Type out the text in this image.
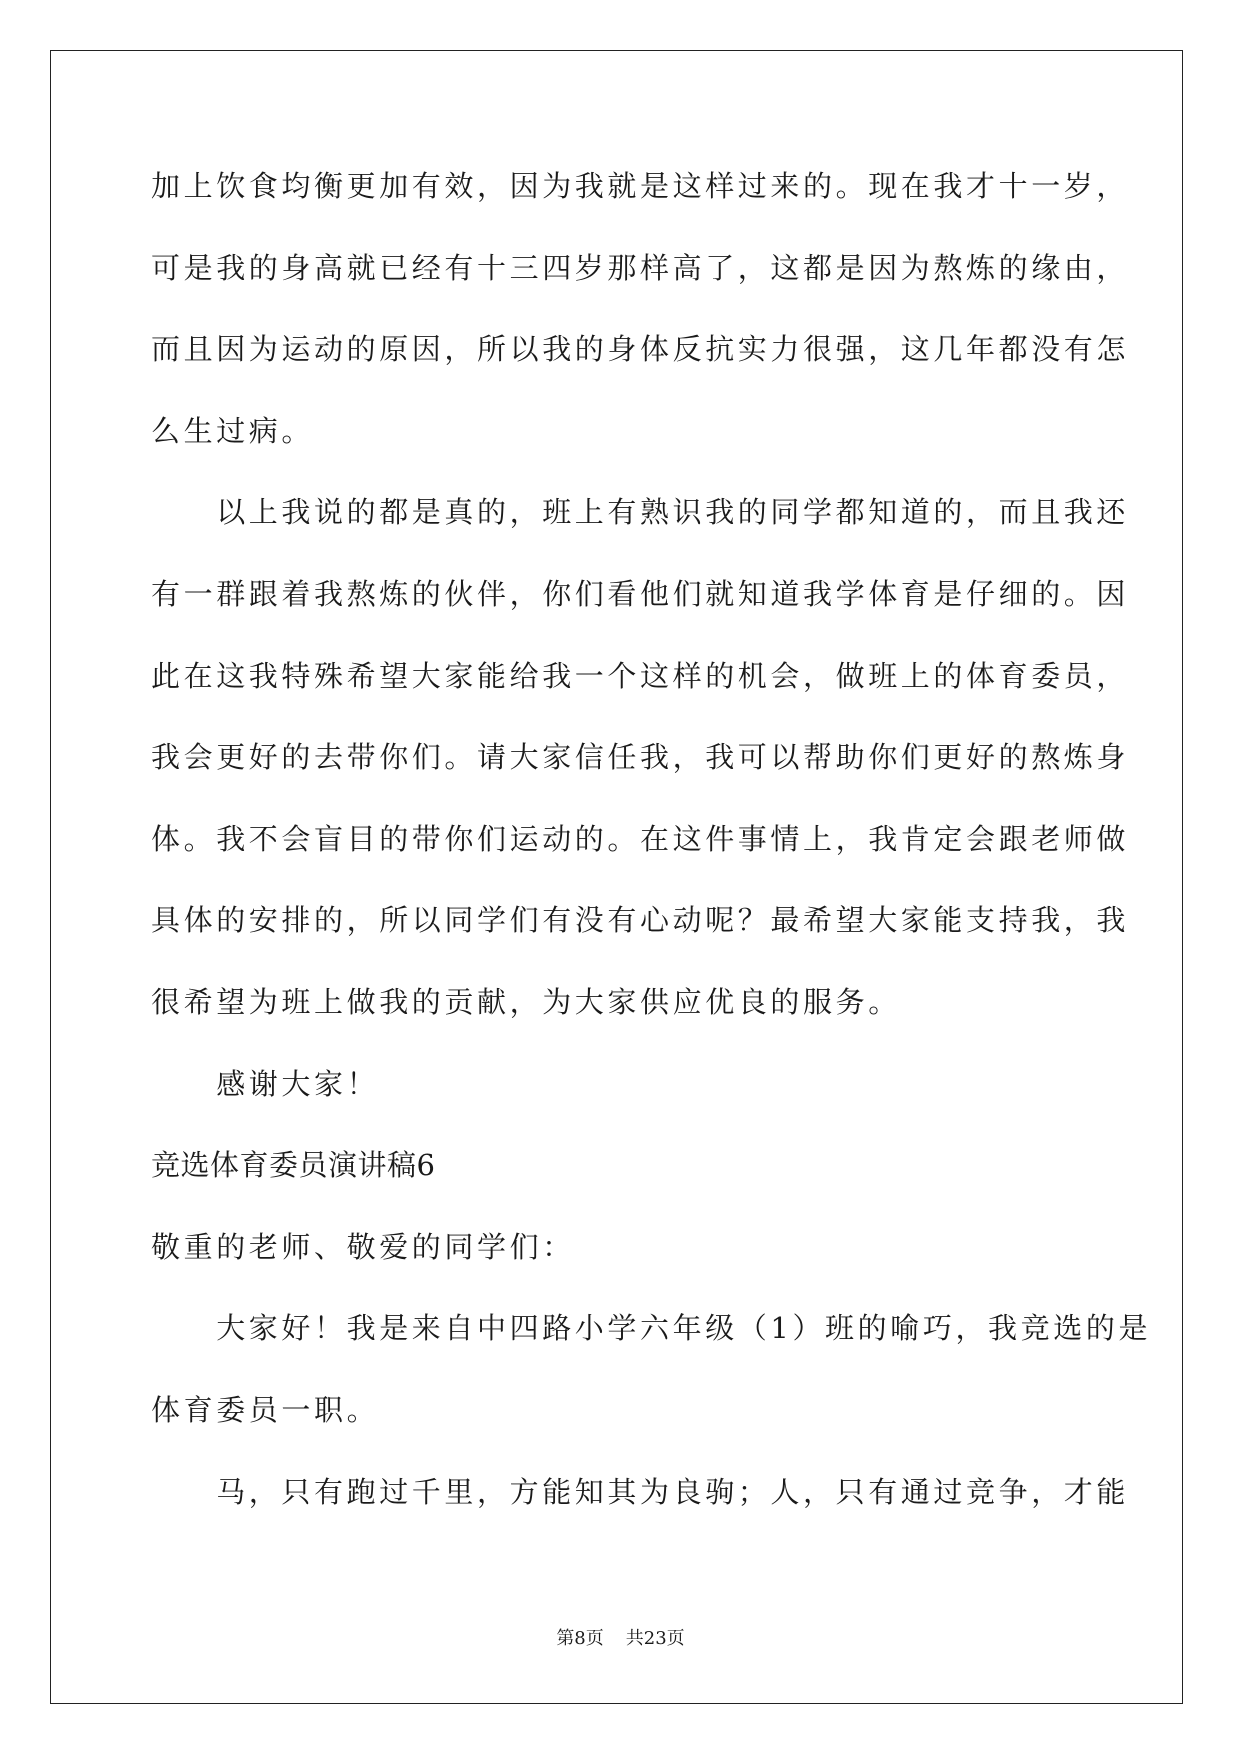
加上饮食均衡更加有效，因为我就是这样过来的。现在我才十一岁，
可是我的身高就已经有十三四岁那样高了，这都是因为熬炼的缘由，
而且因为运动的原因，所以我的身体反抗实力很强，这几年都没有怎
么生过病。
　　以上我说的都是真的，班上有熟识我的同学都知道的，而且我还
有一群跟着我熬炼的伙伴，你们看他们就知道我学体育是仔细的。因
此在这我特殊希望大家能给我一个这样的机会，做班上的体育委员，
我会更好的去带你们。请大家信任我，我可以帮助你们更好的熬炼身
体。我不会盲目的带你们运动的。在这件事情上，我肯定会跟老师做
具体的安排的，所以同学们有没有心动呢？最希望大家能支持我，我
很希望为班上做我的贡献，为大家供应优良的服务。
　　感谢大家！
竞选体育委员演讲稿6
敬重的老师、敬爱的同学们：
　　大家好！我是来自中四路小学六年级（1）班的喻巧，我竞选的是
体育委员一职。
　　马，只有跑过千里，方能知其为良驹；人，只有通过竞争，才能
第8页 共23页
